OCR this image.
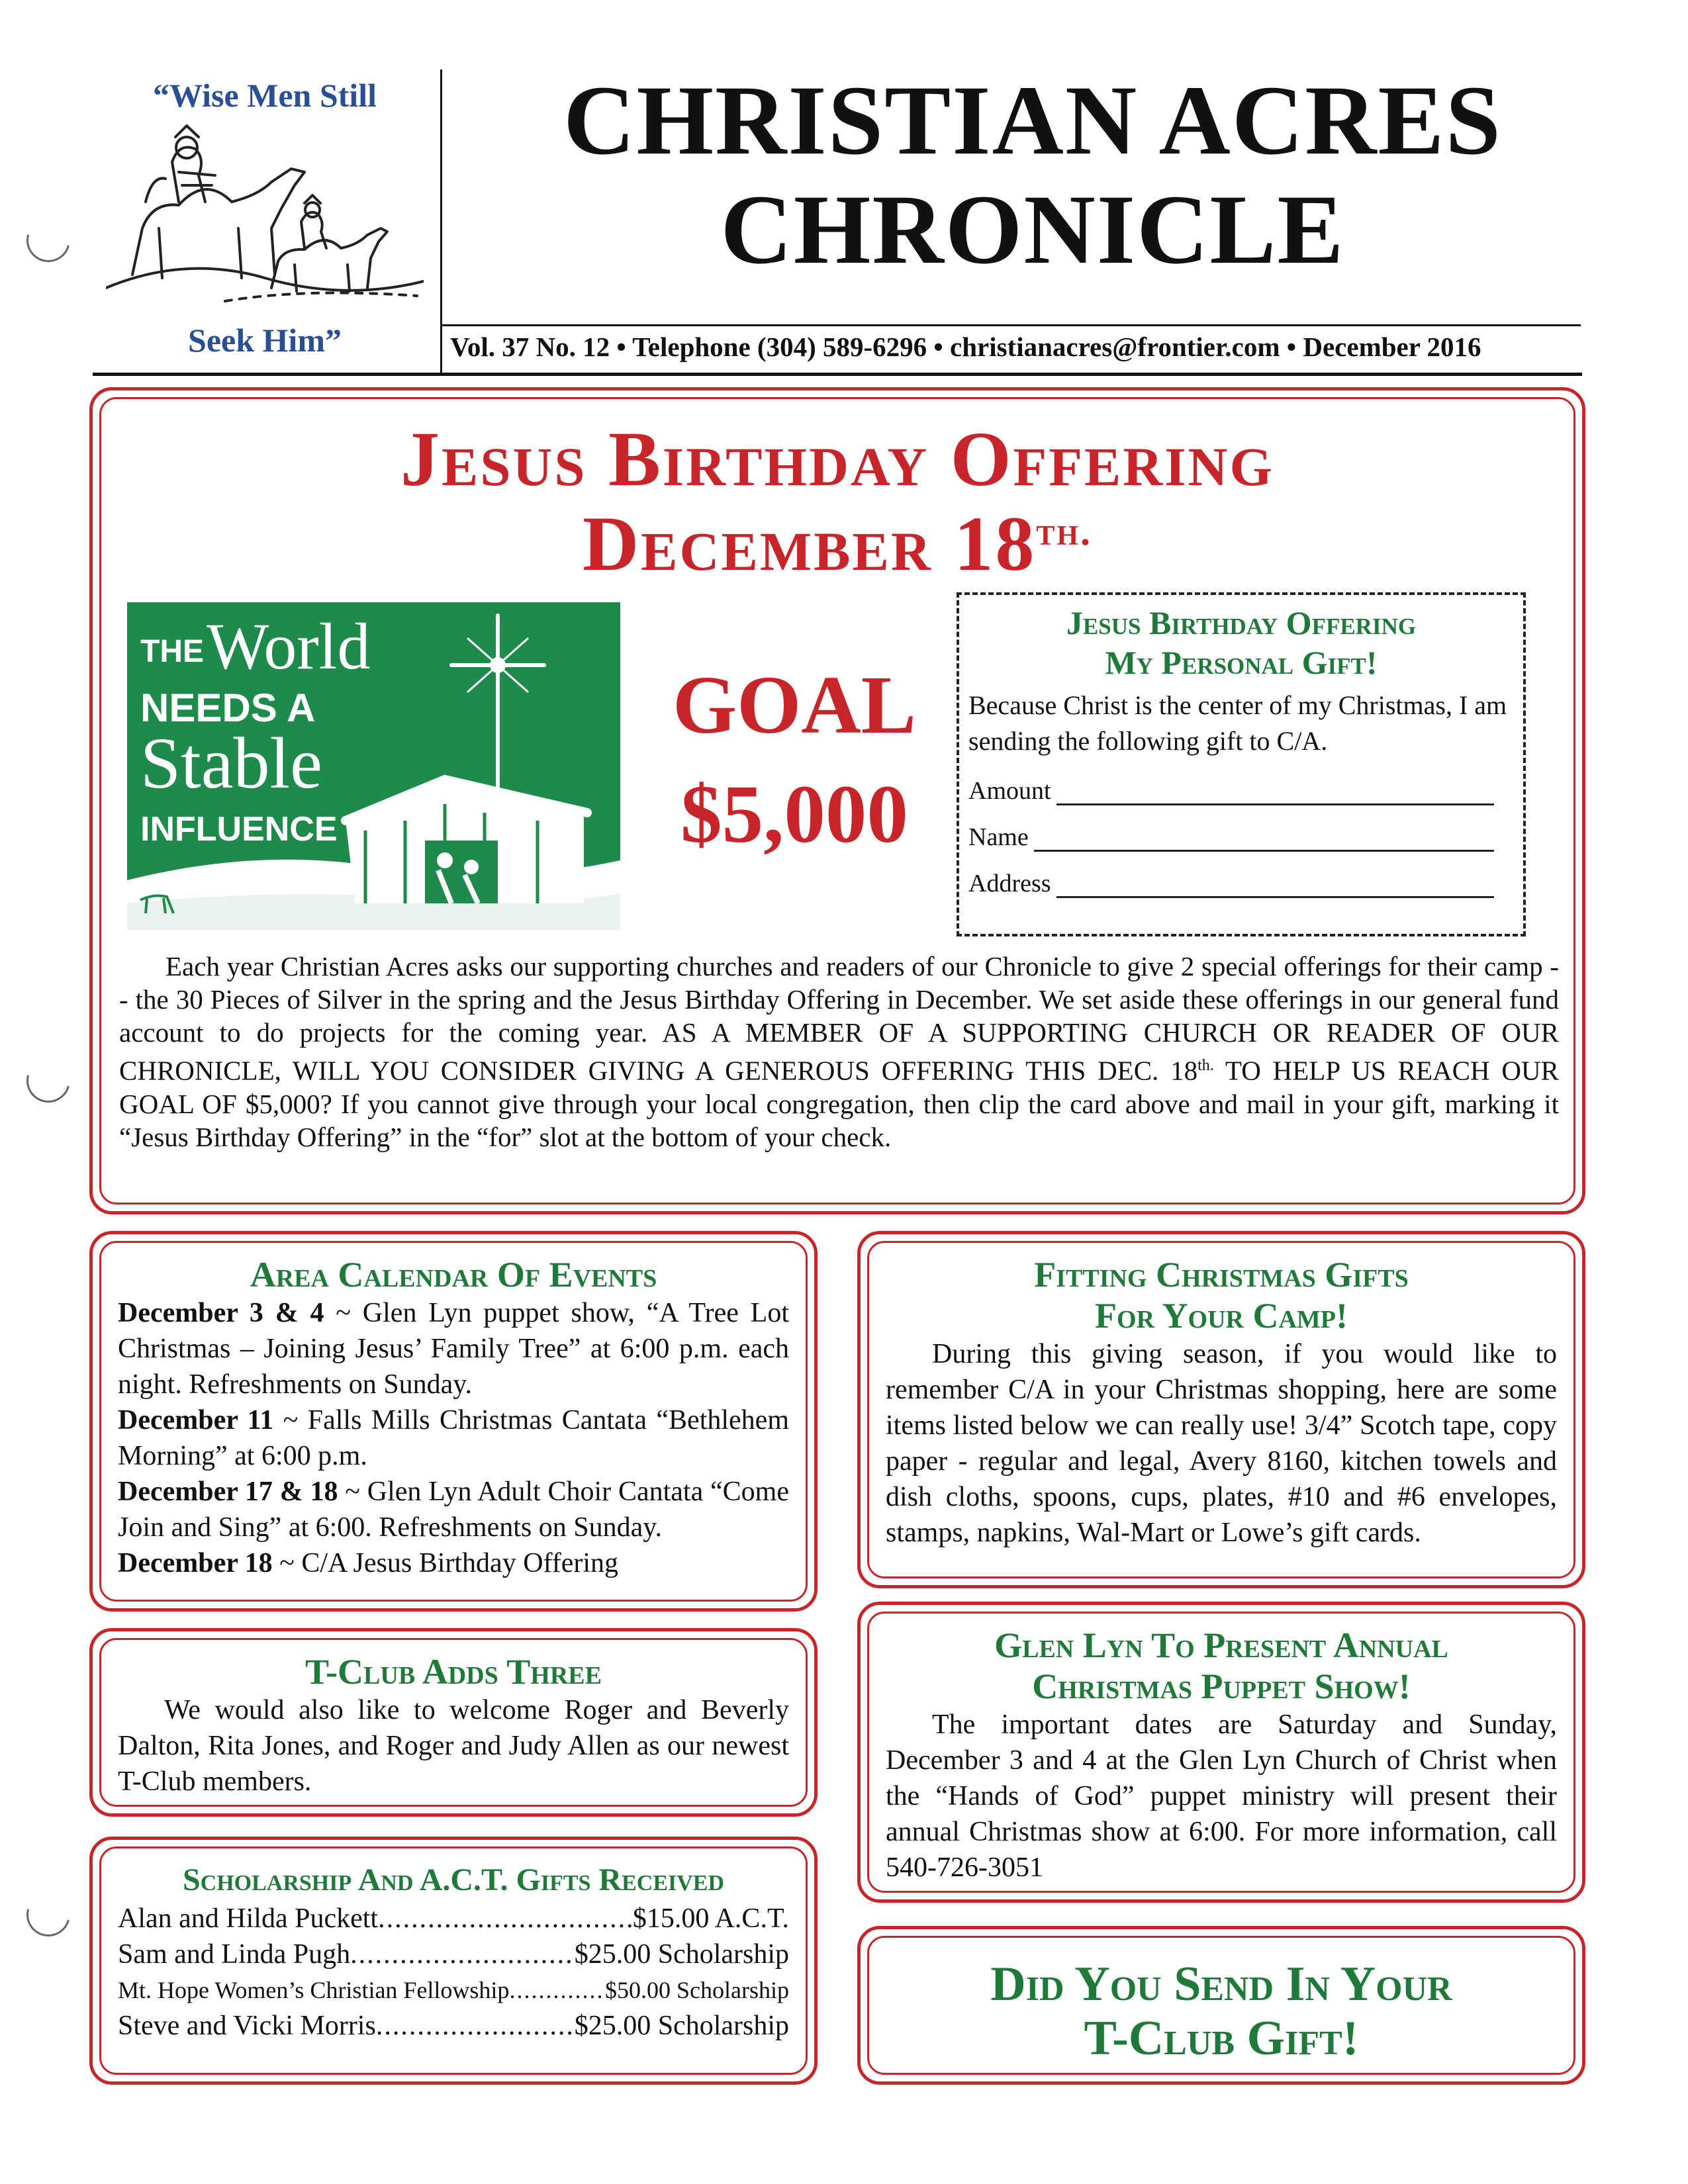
“Wise Men Still
Seek Him”
CHRISTIAN ACRES
CHRONICLE
Vol. 37 No. 12 • Telephone (304) 589-6296 • christianacres@frontier.com • December 2016
Jesus Birthday Offering
December $18^{th.}$
THE World
NEEDS A
Stable
INFLUENCE
GOAL
$5,000
Jesus Birthday Offering
My Personal Gift!
Because Christ is the center of my Christmas, I am sending the following gift to C/A.
Amount
Name
Address
Each year Christian Acres asks our supporting churches and readers of our Chronicle to give 2 special offerings for their camp - - the 30 Pieces of Silver in the spring and the Jesus Birthday Offering in December. We set aside these offerings in our general fund account to do projects for the coming year. AS A MEMBER OF A SUPPORTING CHURCH OR READER OF OUR CHRONICLE, WILL YOU CONSIDER GIVING A GENEROUS OFFERING THIS DEC. $18^{th.}$ TO HELP US REACH OUR GOAL OF $5,000? If you cannot give through your local congregation, then clip the card above and mail in your gift, marking it “Jesus Birthday Offering” in the “for” slot at the bottom of your check.
Area Calendar Of Events
December 3 & 4 ~ Glen Lyn puppet show, “A Tree Lot Christmas – Joining Jesus’ Family Tree” at 6:00 p.m. each night. Refreshments on Sunday.
December 11 ~ Falls Mills Christmas Cantata “Bethlehem Morning” at 6:00 p.m.
December 17 & 18 ~ Glen Lyn Adult Choir Cantata “Come Join and Sing” at 6:00. Refreshments on Sunday.
December 18 ~ C/A Jesus Birthday Offering
T-Club Adds Three
We would also like to welcome Roger and Beverly Dalton, Rita Jones, and Roger and Judy Allen as our newest T-Club members.
Scholarship And A.C.T. Gifts Received
Alan and Hilda Puckett .....	$15.00 A.C.T.
Sam and Linda Pugh .....	$25.00 Scholarship
Mt. Hope Women’s Christian Fellowship .....	$50.00 Scholarship
Steve and Vicki Morris .....	$25.00 Scholarship
Fitting Christmas Gifts
For Your Camp!
During this giving season, if you would like to remember C/A in your Christmas shopping, here are some items listed below we can really use! 3/4” Scotch tape, copy paper - regular and legal, Avery 8160, kitchen towels and dish cloths, spoons, cups, plates, #10 and #6 envelopes, stamps, napkins, Wal-Mart or Lowe’s gift cards.
Glen Lyn To Present Annual
Christmas Puppet Show!
The important dates are Saturday and Sunday, December 3 and 4 at the Glen Lyn Church of Christ when the “Hands of God” puppet ministry will present their annual Christmas show at 6:00. For more information, call 540-726-3051
Did You Send In Your
T-Club Gift!
